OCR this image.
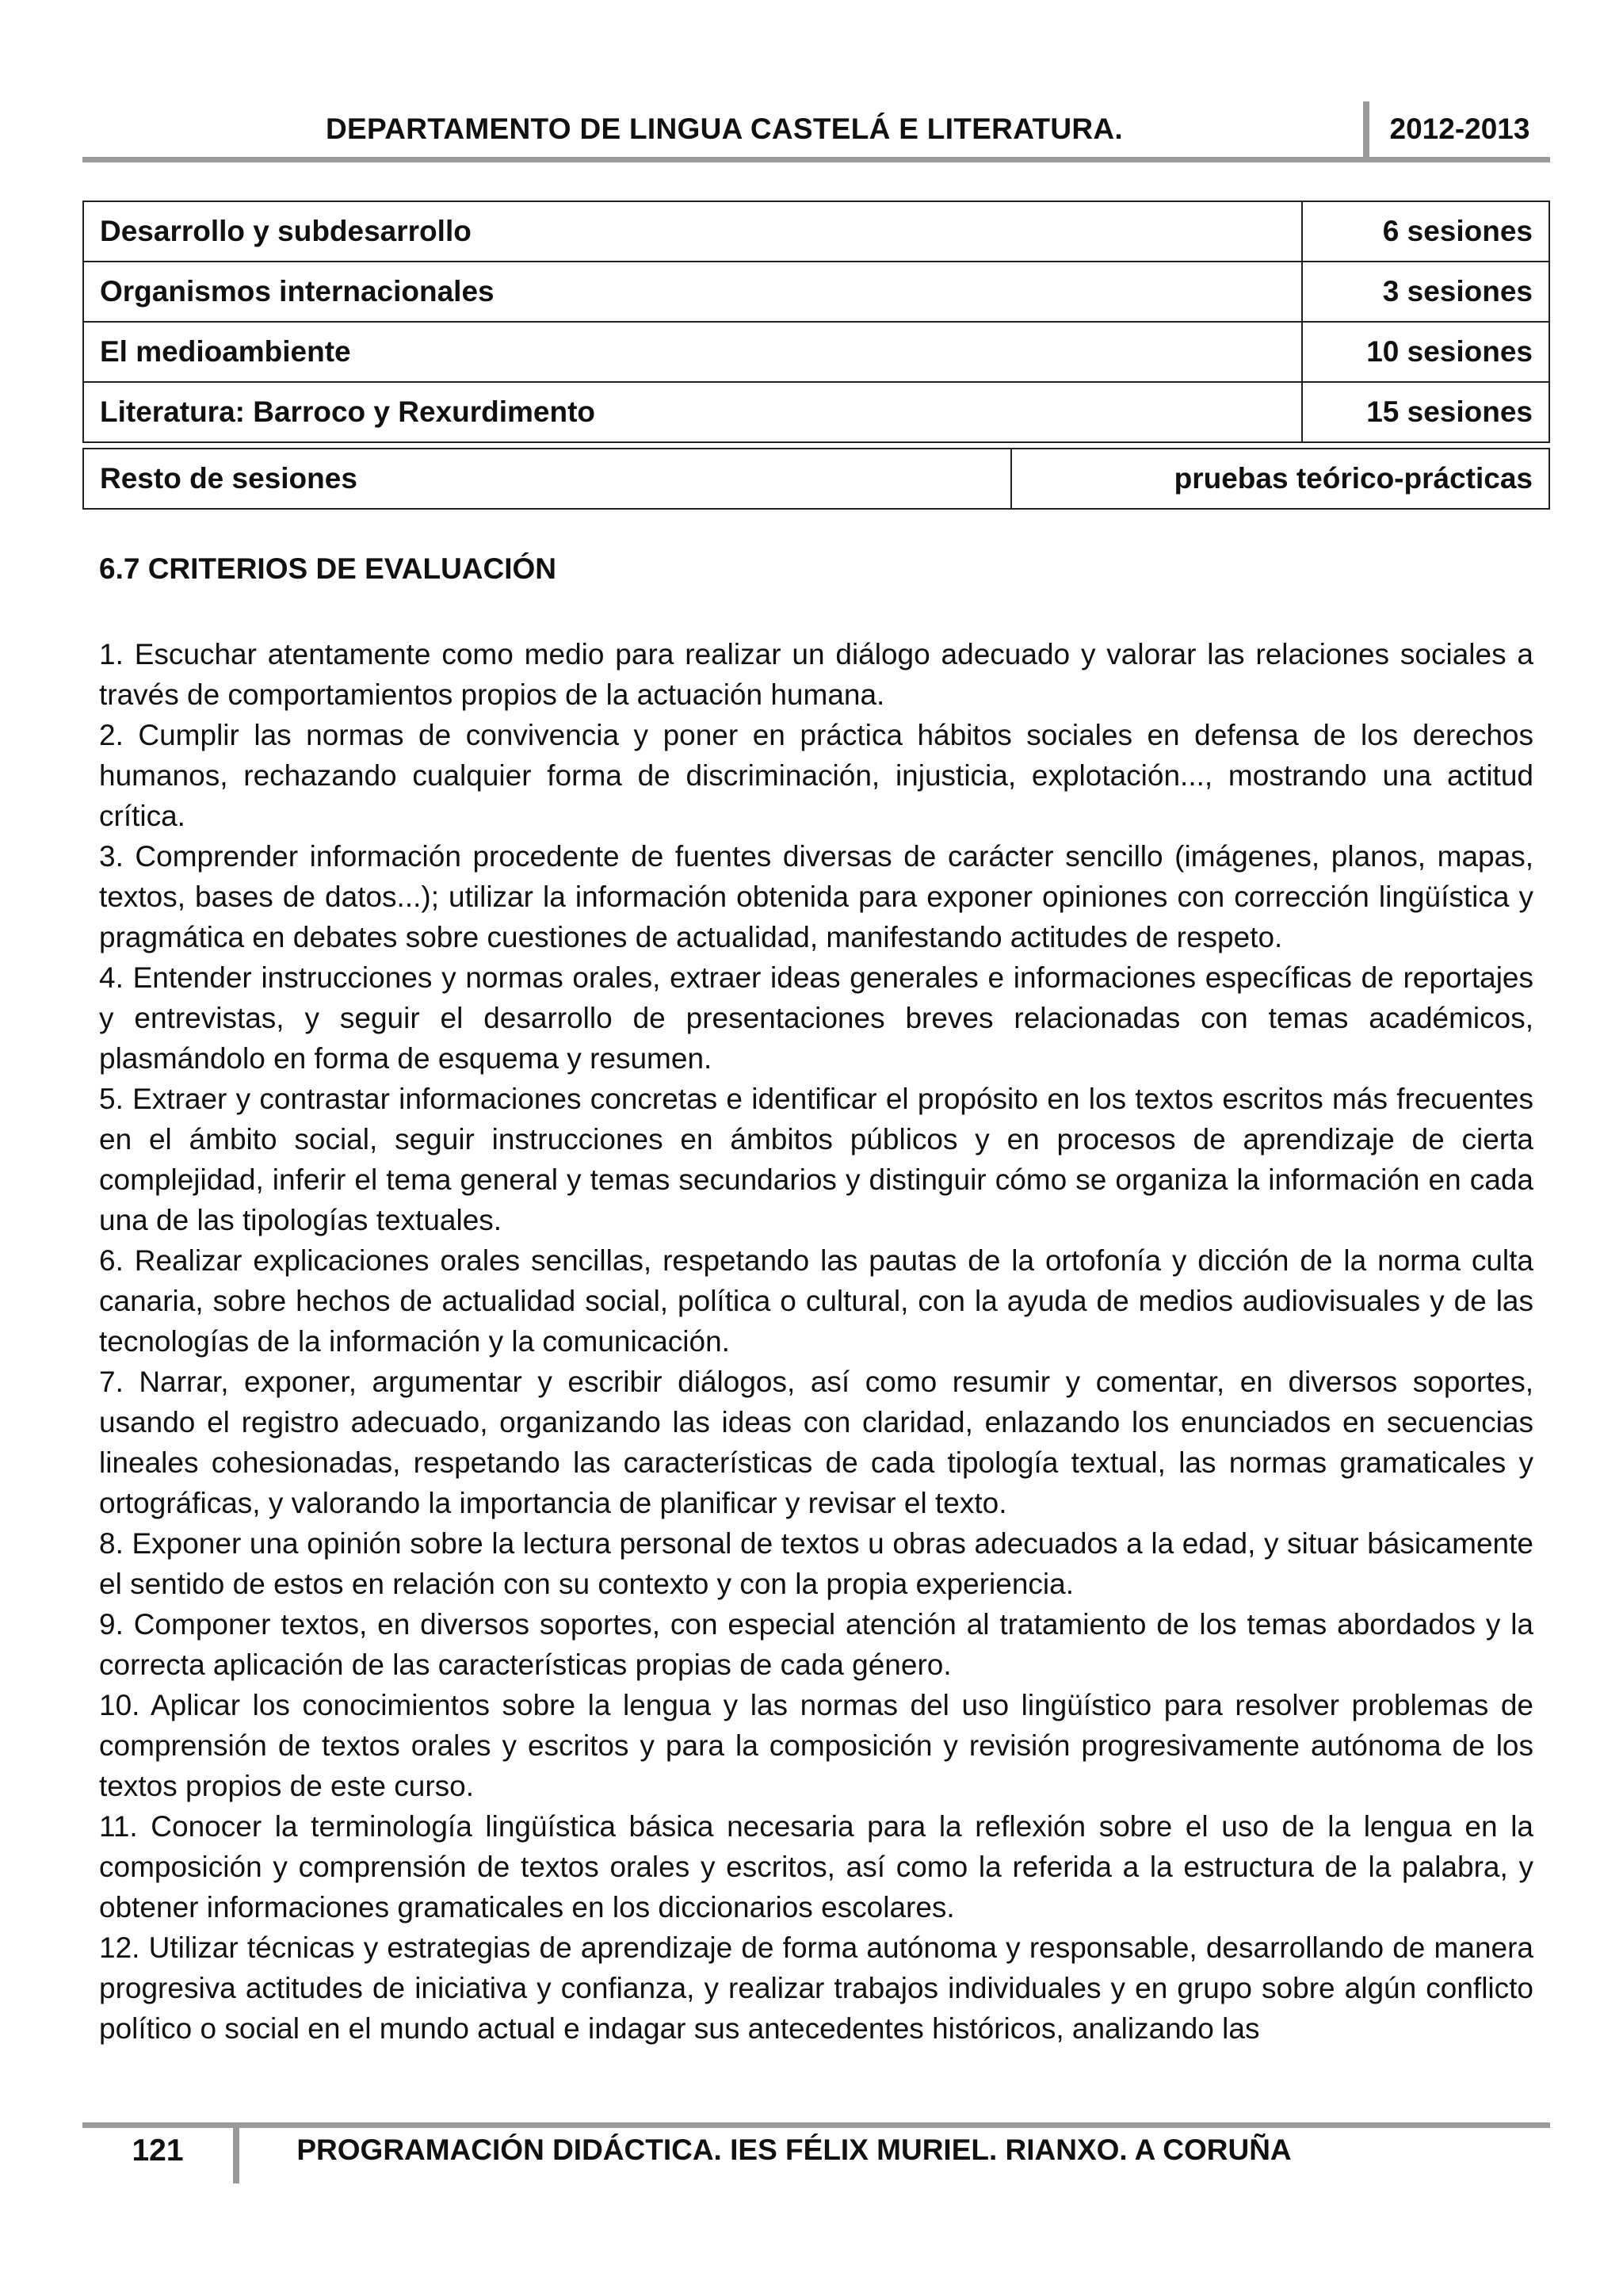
DEPARTAMENTO DE LINGUA CASTELÁ E LITERATURA.	2012-2013
Desarrollo y subdesarrollo	6 sesiones
Organismos internacionales	3 sesiones
El medioambiente	10 sesiones
Literatura: Barroco y Rexurdimento	15 sesiones
Resto de sesiones	pruebas teórico-prácticas
6.7 CRITERIOS DE EVALUACIÓN

1. Escuchar atentamente como medio para realizar un diálogo adecuado y valorar las relaciones sociales a través de comportamientos propios de la actuación humana.

2. Cumplir las normas de convivencia y poner en práctica hábitos sociales en defensa de los derechos humanos, rechazando cualquier forma de discriminación, injusticia, explotación..., mostrando una actitud crítica.

3. Comprender información procedente de fuentes diversas de carácter sencillo (imágenes, planos, mapas, textos, bases de datos...); utilizar la información obtenida para exponer opiniones con corrección lingüística y pragmática en debates sobre cuestiones de actualidad, manifestando actitudes de respeto.

4. Entender instrucciones y normas orales, extraer ideas generales e informaciones específicas de reportajes y entrevistas, y seguir el desarrollo de presentaciones breves relacionadas con temas académicos, plasmándolo en forma de esquema y resumen.

5. Extraer y contrastar informaciones concretas e identificar el propósito en los textos escritos más frecuentes en el ámbito social, seguir instrucciones en ámbitos públicos y en procesos de aprendizaje de cierta complejidad, inferir el tema general y temas secundarios y distinguir cómo se organiza la información en cada una de las tipologías textuales.

6. Realizar explicaciones orales sencillas, respetando las pautas de la ortofonía y dicción de la norma culta canaria, sobre hechos de actualidad social, política o cultural, con la ayuda de medios audiovisuales y de las tecnologías de la información y la comunicación.

7. Narrar, exponer, argumentar y escribir diálogos, así como resumir y comentar, en diversos soportes, usando el registro adecuado, organizando las ideas con claridad, enlazando los enunciados en secuencias lineales cohesionadas, respetando las características de cada tipología textual, las normas gramaticales y ortográficas, y valorando la importancia de planificar y revisar el texto.

8. Exponer una opinión sobre la lectura personal de textos u obras adecuados a la edad, y situar básicamente el sentido de estos en relación con su contexto y con la propia experiencia.

9. Componer textos, en diversos soportes, con especial atención al tratamiento de los temas abordados y la correcta aplicación de las características propias de cada género.

10. Aplicar los conocimientos sobre la lengua y las normas del uso lingüístico para resolver problemas de comprensión de textos orales y escritos y para la composición y revisión progresivamente autónoma de los textos propios de este curso.

11. Conocer la terminología lingüística básica necesaria para la reflexión sobre el uso de la lengua en la composición y comprensión de textos orales y escritos, así como la referida a la estructura de la palabra, y obtener informaciones gramaticales en los diccionarios escolares.

12. Utilizar técnicas y estrategias de aprendizaje de forma autónoma y responsable, desarrollando de manera progresiva actitudes de iniciativa y confianza, y realizar trabajos individuales y en grupo sobre algún conflicto político o social en el mundo actual e indagar sus antecedentes históricos, analizando las

121	PROGRAMACIÓN DIDÁCTICA. IES FÉLIX MURIEL. RIANXO. A CORUÑA
